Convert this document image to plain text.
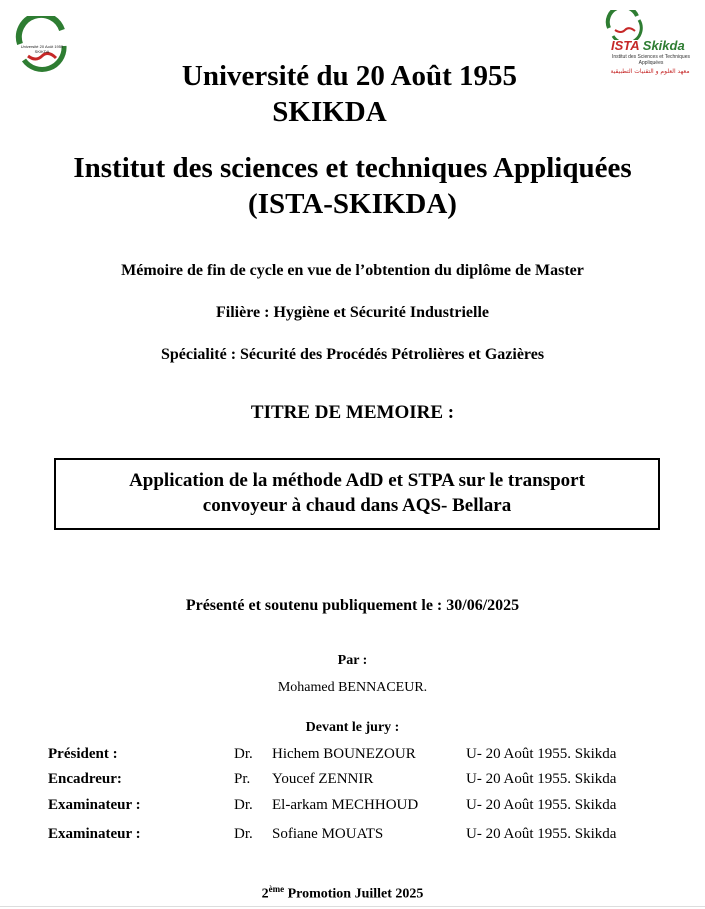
Université 20 Août 1955 SKIKDA	ISTA Skikda
Institut des Sciences et Techniques Appliquées
معهد العلوم و التقنيات التطبيقية
Université du 20 Août 1955
SKIKDA
Institut des sciences et techniques Appliquées
(ISTA-SKIKDA)
Mémoire de fin de cycle en vue de l’obtention du diplôme de Master
Filière : Hygiène et Sécurité Industrielle
Spécialité : Sécurité des Procédés Pétrolières et Gazières
TITRE DE MEMOIRE :
Application de la méthode AdD et STPA sur le transport
convoyeur à chaud dans AQS- Bellara
Présenté et soutenu publiquement le : 30/06/2025
Par :
Mohamed BENNACEUR.
Devant le jury :
Président :	Dr. Hichem BOUNEZOUR	U- 20 Août 1955. Skikda
Encadreur:	Pr. Youcef ZENNIR	U- 20 Août 1955. Skikda
Examinateur :	Dr. El-arkam MECHHOUD	U- 20 Août 1955. Skikda
Examinateur :	Dr. Sofiane MOUATS	U- 20 Août 1955. Skikda
2ème Promotion Juillet 2025
